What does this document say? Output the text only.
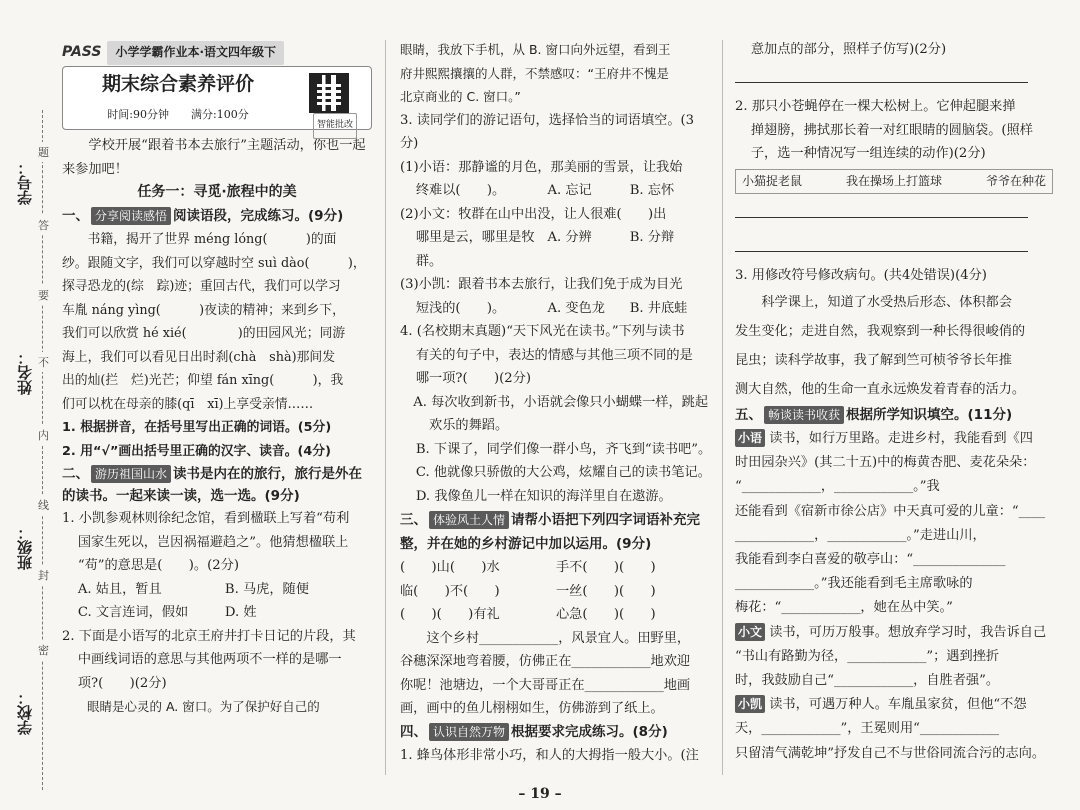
学号：
姓名：
班级：
学校：
题
答
要
不
内
线
封
密
PASS	小学学霸作业本·语文四年级下
期末综合素养评价
时间:90分钟　　满分:100分
智能批改

学校开展“跟着书本去旅行”主题活动，你也一起来参加吧！

任务一：寻觅·旅程中的美

一、 分享阅读感悟 阅读语段，完成练习。(9分)

书籍，揭开了世界 méng lóng(　　　)的面

纱。跟随文字，我们可以穿越时空 suì dào(　　　)，

探寻恐龙的(综　踪)迹；重回古代，我们可以学习

车胤 náng yìng(　　　)夜读的精神；来到乡下，

我们可以欣赏 hé xié(　　　　)的田园风光；同游

海上，我们可以看见日出时刹(chà　shà)那间发

出的灿(拦　烂)光芒；仰望 fán xīng(　　　)，我

们可以枕在母亲的膝(qī　xī)上享受亲情……

1. 根据拼音，在括号里写出正确的词语。(5分)

2. 用“√”画出括号里正确的汉字、读音。(4分)

二、 游历祖国山水 读书是内在的旅行，旅行是外在的读书。一起来读一读，选一选。(9分)

1. 小凯参观林则徐纪念馆，看到楹联上写着“苟利

国家生死以，岂因祸福避趋之”。他猜想楹联上

“苟”的意思是(　　)。(2分)

A. 姑且，暂且	B. 马虎，随便
C. 文言连词，假如	D. 姓

2. 下面是小语写的北京王府井打卡日记的片段，其

中画线词语的意思与其他两项不一样的是哪一

项?(　　)(2分)

　　眼睛是心灵的 A. 窗口。为了保护好自己的

眼睛，我放下手机，从 B. 窗口向外远望，看到王

府井熙熙攘攘的人群，不禁感叹：“王府井不愧是

北京商业的 C. 窗口。”

3. 读同学们的游记语句，选择恰当的词语填空。(3分)

(1)小语：那静谧的月色，那美丽的雪景，让我始

终难以(　　)。	A. 忘记	B. 忘怀

(2)小文：牧群在山中出没，让人很难(　　)出

哪里是云，哪里是牧群。
A. 分辨	B. 分辩

(3)小凯：跟着书本去旅行，让我们免于成为目光

短浅的(　　)。	A. 变色龙	B. 井底蛙

4. (名校期末真题)“天下风光在读书。”下列与读书

有关的句子中，表达的情感与其他三项不同的是

哪一项?(　　)(2分)

A. 每次收到新书，小语就会像只小蝴蝶一样，跳起欢乐的舞蹈。

B. 下课了，同学们像一群小鸟，齐飞到“读书吧”。

C. 他就像只骄傲的大公鸡，炫耀自己的读书笔记。

D. 我像鱼儿一样在知识的海洋里自在遨游。

三、 体验风土人情 请帮小语把下列四字词语补充完整，并在她的乡村游记中加以运用。(9分)

(　　)山(　　)水	手不(　　)(　　)
临(　　)不(　　)	一丝(　　)(　　)
(　　)(　　)有礼	心急(　　)(　　)

　　这个乡村____________，风景宜人。田野里，

谷穗深深地弯着腰，仿佛正在____________地欢迎

你呢！池塘边，一个大哥哥正在____________地画

画，画中的鱼儿栩栩如生，仿佛游到了纸上。

四、 认识自然万物 根据要求完成练习。(8分)

1. 蜂鸟体形非常小巧，和人的大拇指一般大小。(注

意加点的部分，照样子仿写)(2分)

2. 那只小苍蝇停在一棵大松树上。它伸起腿来掸

掸翅膀，拂拭那长着一对红眼睛的圆脑袋。(照样

子，选一种情况写一组连续的动作)(2分)

小猫捉老鼠	我在操场上打篮球	爷爷在种花

3. 用修改符号修改病句。(共4处错误)(4分)

　　科学课上，知道了水受热后形态、体积都会

发生变化；走进自然，我观察到一种长得很峻俏的

昆虫；读科学故事，我了解到竺可桢爷爷长年推

测大自然，他的生命一直永远焕发着青春的活力。

五、 畅谈读书收获 根据所学知识填空。(11分)

小语 读书，如行万里路。走进乡村，我能看到《四

时田园杂兴》(其二十五)中的梅黄杏肥、麦花朵朵：

“____________，____________。”我

还能看到《宿新市徐公店》中天真可爱的儿童：“____

____________，____________。”走进山川，

我能看到李白喜爱的敬亭山：“______________

____________。”我还能看到毛主席歌咏的

梅花：“____________，她在丛中笑。”

小文 读书，可历万般事。想放弃学习时，我告诉自己

“书山有路勤为径，____________”；遇到挫折

时，我鼓励自己“____________，自胜者强”。

小凯 读书，可遇万种人。车胤虽家贫，但他“不怨

天，____________”，王冕则用“____________

只留清气满乾坤”抒发自己不与世俗同流合污的志向。

– 19 –
